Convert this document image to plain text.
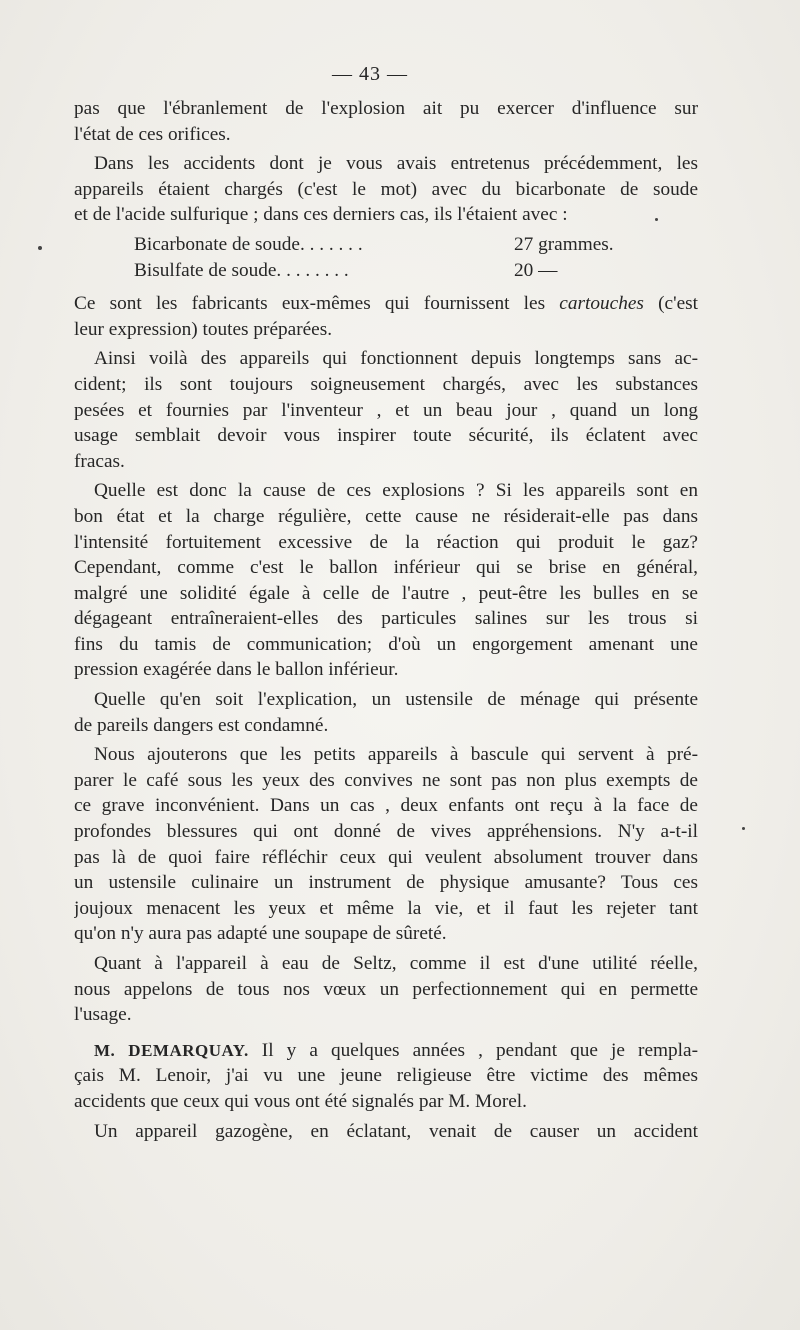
— 43 —
pas que l'ébranlement de l'explosion ait pu exercer d'influence sur
l'état de ces orifices.
Dans les accidents dont je vous avais entretenus précédemment, les
appareils étaient chargés (c'est le mot) avec du bicarbonate de soude
et de l'acide sulfurique ; dans ces derniers cas, ils l'étaient avec :
Bicarbonate de soude. . . . . . .	27 grammes.
Bisulfate de soude. . . . . . . .	20 —
Ce sont les fabricants eux-mêmes qui fournissent les cartouches (c'est
leur expression) toutes préparées.
Ainsi voilà des appareils qui fonctionnent depuis longtemps sans ac-
cident; ils sont toujours soigneusement chargés, avec les substances
pesées et fournies par l'inventeur , et un beau jour , quand un long
usage semblait devoir vous inspirer toute sécurité, ils éclatent avec
fracas.
Quelle est donc la cause de ces explosions ? Si les appareils sont en
bon état et la charge régulière, cette cause ne résiderait-elle pas dans
l'intensité fortuitement excessive de la réaction qui produit le gaz?
Cependant, comme c'est le ballon inférieur qui se brise en général,
malgré une solidité égale à celle de l'autre , peut-être les bulles en se
dégageant entraîneraient-elles des particules salines sur les trous si
fins du tamis de communication; d'où un engorgement amenant une
pression exagérée dans le ballon inférieur.
Quelle qu'en soit l'explication, un ustensile de ménage qui présente
de pareils dangers est condamné.
Nous ajouterons que les petits appareils à bascule qui servent à pré-
parer le café sous les yeux des convives ne sont pas non plus exempts de
ce grave inconvénient. Dans un cas , deux enfants ont reçu à la face de
profondes blessures qui ont donné de vives appréhensions. N'y a-t-il
pas là de quoi faire réfléchir ceux qui veulent absolument trouver dans
un ustensile culinaire un instrument de physique amusante? Tous ces
joujoux menacent les yeux et même la vie, et il faut les rejeter tant
qu'on n'y aura pas adapté une soupape de sûreté.
Quant à l'appareil à eau de Seltz, comme il est d'une utilité réelle,
nous appelons de tous nos vœux un perfectionnement qui en permette
l'usage.
M. DEMARQUAY. Il y a quelques années , pendant que je rempla-
çais M. Lenoir, j'ai vu une jeune religieuse être victime des mêmes
accidents que ceux qui vous ont été signalés par M. Morel.
Un appareil gazogène, en éclatant, venait de causer un accident
